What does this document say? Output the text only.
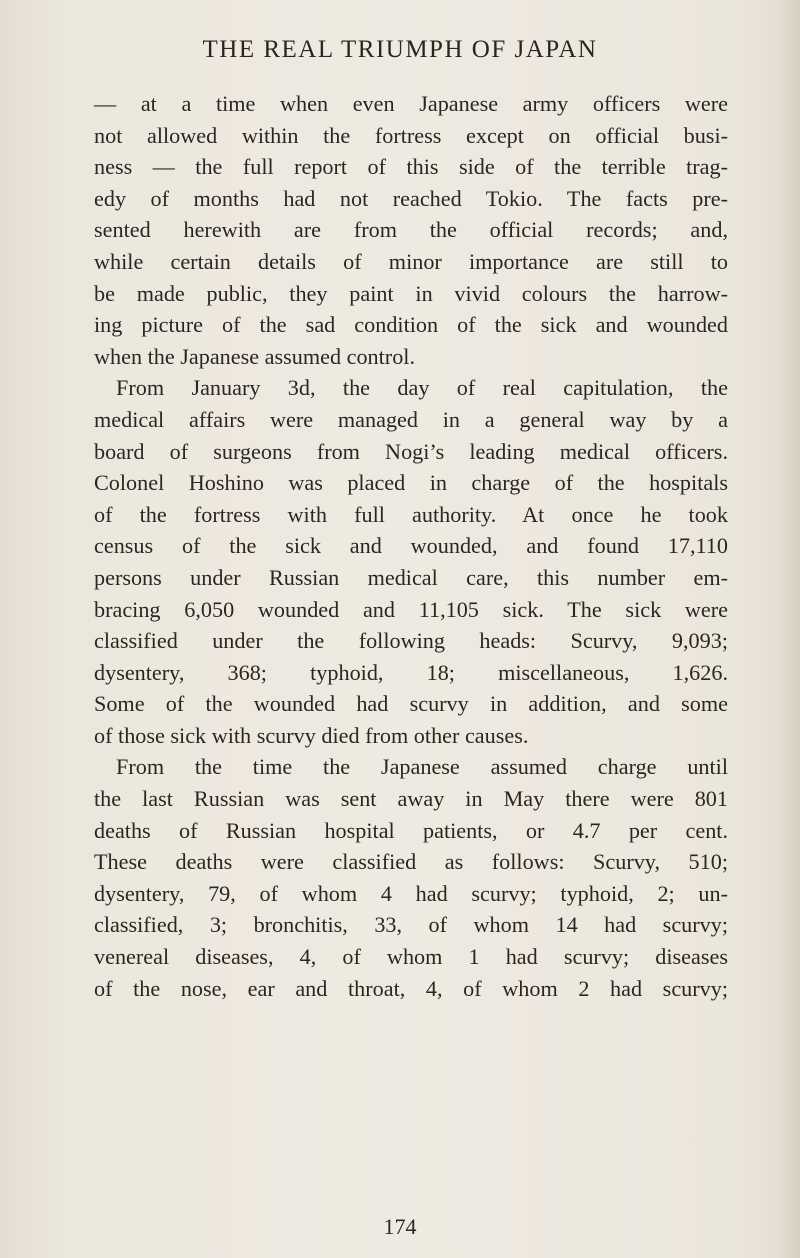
THE REAL TRIUMPH OF JAPAN
— at a time when even Japanese army officers were
not allowed within the fortress except on official busi-
ness — the full report of this side of the terrible trag-
edy of months had not reached Tokio. The facts pre-
sented herewith are from the official records; and,
while certain details of minor importance are still to
be made public, they paint in vivid colours the harrow-
ing picture of the sad condition of the sick and wounded
when the Japanese assumed control.
From January 3d, the day of real capitulation, the
medical affairs were managed in a general way by a
board of surgeons from Nogi’s leading medical officers.
Colonel Hoshino was placed in charge of the hospitals
of the fortress with full authority. At once he took
census of the sick and wounded, and found 17,110
persons under Russian medical care, this number em-
bracing 6,050 wounded and 11,105 sick. The sick were
classified under the following heads: Scurvy, 9,093;
dysentery, 368; typhoid, 18; miscellaneous, 1,626.
Some of the wounded had scurvy in addition, and some
of those sick with scurvy died from other causes.
From the time the Japanese assumed charge until
the last Russian was sent away in May there were 801
deaths of Russian hospital patients, or 4.7 per cent.
These deaths were classified as follows: Scurvy, 510;
dysentery, 79, of whom 4 had scurvy; typhoid, 2; un-
classified, 3; bronchitis, 33, of whom 14 had scurvy;
venereal diseases, 4, of whom 1 had scurvy; diseases
of the nose, ear and throat, 4, of whom 2 had scurvy;
174
